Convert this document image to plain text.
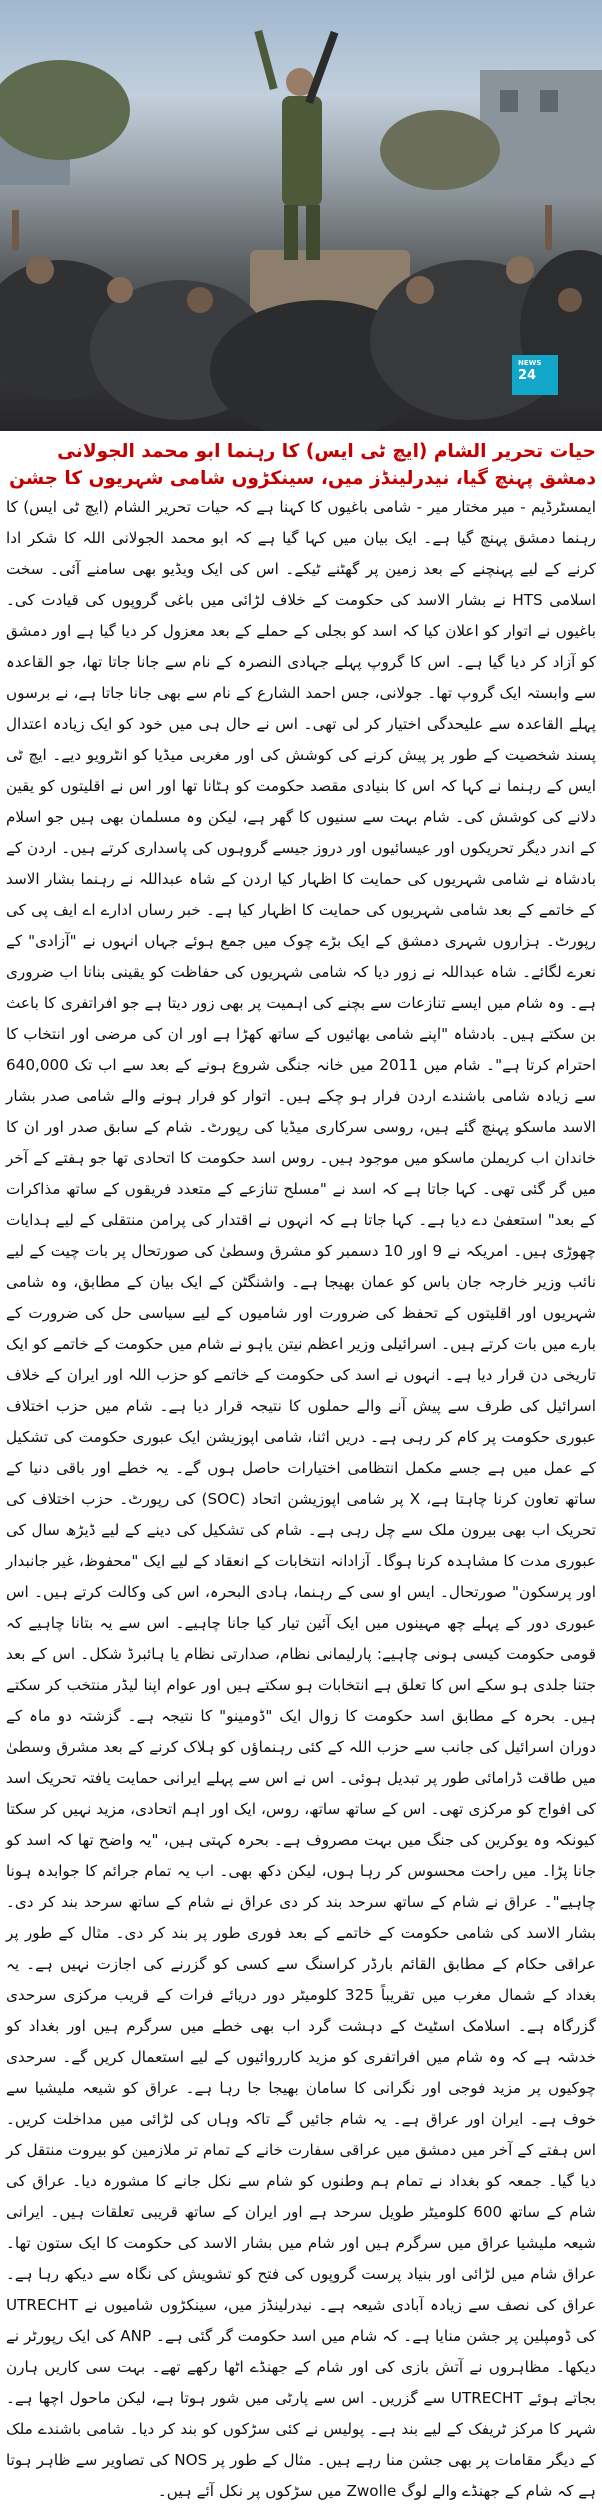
NEWS
24
حیات تحریر الشام (ایچ ٹی ایس) کا رہنما ابو محمد الجولانی دمشق پہنچ گیا، نیدرلینڈز میں، سینکڑوں شامی شہریوں کا جشن

ایمسٹرڈیم - میر مختار میر - شامی باغیوں کا کہنا ہے کہ حیات تحریر الشام (ایچ ٹی ایس) کا رہنما دمشق پہنچ گیا ہے۔ ایک بیان میں کہا گیا ہے کہ ابو محمد الجولانی اللہ کا شکر ادا کرنے کے لیے پہنچنے کے بعد زمین پر گھٹنے ٹیکے۔ اس کی ایک ویڈیو بھی سامنے آئی۔ سخت اسلامی HTS نے بشار الاسد کی حکومت کے خلاف لڑائی میں باغی گروپوں کی قیادت کی۔ باغیوں نے اتوار کو اعلان کیا کہ اسد کو بجلی کے حملے کے بعد معزول کر دیا گیا ہے اور دمشق کو آزاد کر دیا گیا ہے۔ اس کا گروپ پہلے جہادی النصرہ کے نام سے جانا جاتا تھا، جو القاعدہ سے وابستہ ایک گروپ تھا۔ جولانی، جس احمد الشارع کے نام سے بھی جانا جاتا ہے، نے برسوں پہلے القاعدہ سے علیحدگی اختیار کر لی تھی۔ اس نے حال ہی میں خود کو ایک زیادہ اعتدال پسند شخصیت کے طور پر پیش کرنے کی کوشش کی اور مغربی میڈیا کو انٹرویو دیے۔ ایچ ٹی ایس کے رہنما نے کہا کہ اس کا بنیادی مقصد حکومت کو ہٹانا تھا اور اس نے اقلیتوں کو یقین دلانے کی کوشش کی۔ شام بہت سے سنیوں کا گھر ہے، لیکن وہ مسلمان بھی ہیں جو اسلام کے اندر دیگر تحریکوں اور عیسائیوں اور دروز جیسے گروہوں کی پاسداری کرتے ہیں۔ اردن کے بادشاہ نے شامی شہریوں کی حمایت کا اظہار کیا اردن کے شاہ عبداللہ نے رہنما بشار الاسد کے خاتمے کے بعد شامی شہریوں کی حمایت کا اظہار کیا ہے۔ خبر رساں ادارے اے ایف پی کی رپورٹ۔ ہزاروں شہری دمشق کے ایک بڑے چوک میں جمع ہوئے جہاں انہوں نے "آزادی" کے نعرے لگائے۔ شاہ عبداللہ نے زور دیا کہ شامی شہریوں کی حفاظت کو یقینی بنانا اب ضروری ہے۔ وہ شام میں ایسے تنازعات سے بچنے کی اہمیت پر بھی زور دیتا ہے جو افراتفری کا باعث بن سکتے ہیں۔ بادشاہ "اپنے شامی بھائیوں کے ساتھ کھڑا ہے اور ان کی مرضی اور انتخاب کا احترام کرتا ہے"۔ شام میں 2011 میں خانہ جنگی شروع ہونے کے بعد سے اب تک 640,000 سے زیادہ شامی باشندے اردن فرار ہو چکے ہیں۔ اتوار کو فرار ہونے والے شامی صدر بشار الاسد ماسکو پہنچ گئے ہیں، روسی سرکاری میڈیا کی رپورٹ۔ شام کے سابق صدر اور ان کا خاندان اب کریملن ماسکو میں موجود ہیں۔ روس اسد حکومت کا اتحادی تھا جو ہفتے کے آخر میں گر گئی تھی۔ کہا جاتا ہے کہ اسد نے "مسلح تنازعے کے متعدد فریقوں کے ساتھ مذاکرات کے بعد" استعفیٰ دے دیا ہے۔ کہا جاتا ہے کہ انہوں نے اقتدار کی پرامن منتقلی کے لیے ہدایات چھوڑی ہیں۔ امریکہ نے 9 اور 10 دسمبر کو مشرق وسطیٰ کی صورتحال پر بات چیت کے لیے نائب وزیر خارجہ جان باس کو عمان بھیجا ہے۔ واشنگٹن کے ایک بیان کے مطابق، وہ شامی شہریوں اور اقلیتوں کے تحفظ کی ضرورت اور شامیوں کے لیے سیاسی حل کی ضرورت کے بارے میں بات کرتے ہیں۔ اسرائیلی وزیر اعظم نیتن یاہو نے شام میں حکومت کے خاتمے کو ایک تاریخی دن قرار دیا ہے۔ انہوں نے اسد کی حکومت کے خاتمے کو حزب اللہ اور ایران کے خلاف اسرائیل کی طرف سے پیش آنے والے حملوں کا نتیجہ قرار دیا ہے۔ شام میں حزب اختلاف عبوری حکومت پر کام کر رہی ہے۔ دریں اثنا، شامی اپوزیشن ایک عبوری حکومت کی تشکیل کے عمل میں ہے جسے مکمل انتظامی اختیارات حاصل ہوں گے۔ یہ خطے اور باقی دنیا کے ساتھ تعاون کرنا چاہتا ہے، X پر شامی اپوزیشن اتحاد (SOC) کی رپورٹ۔ حزب اختلاف کی تحریک اب بھی بیرون ملک سے چل رہی ہے۔ شام کی تشکیل کی دینے کے لیے ڈیڑھ سال کی عبوری مدت کا مشاہدہ کرنا ہوگا۔ آزادانہ انتخابات کے انعقاد کے لیے ایک "محفوظ، غیر جانبدار اور پرسکون" صورتحال۔ ایس او سی کے رہنما، ہادی البحرہ، اس کی وکالت کرتے ہیں۔ اس عبوری دور کے پہلے چھ مہینوں میں ایک آئین تیار کیا جانا چاہیے۔ اس سے یہ بتانا چاہیے کہ قومی حکومت کیسی ہونی چاہیے: پارلیمانی نظام، صدارتی نظام یا ہائبرڈ شکل۔ اس کے بعد جتنا جلدی ہو سکے اس کا تعلق ہے انتخابات ہو سکتے ہیں اور عوام اپنا لیڈر منتخب کر سکتے ہیں۔ بحرہ کے مطابق اسد حکومت کا زوال ایک "ڈومینو" کا نتیجہ ہے۔ گزشتہ دو ماہ کے دوران اسرائیل کی جانب سے حزب اللہ کے کئی رہنماؤں کو ہلاک کرنے کے بعد مشرق وسطیٰ میں طاقت ڈرامائی طور پر تبدیل ہوئی۔ اس نے اس سے پہلے ایرانی حمایت یافتہ تحریک اسد کی افواج کو مرکزی تھی۔ اس کے ساتھ ساتھ، روس، ایک اور اہم اتحادی، مزید نہیں کر سکتا کیونکہ وہ یوکرین کی جنگ میں بہت مصروف ہے۔ بحرہ کہتی ہیں، "یہ واضح تھا کہ اسد کو جانا پڑا۔ میں راحت محسوس کر رہا ہوں، لیکن دکھ بھی۔ اب یہ تمام جرائم کا جوابدہ ہونا چاہیے"۔ عراق نے شام کے ساتھ سرحد بند کر دی عراق نے شام کے ساتھ سرحد بند کر دی۔ بشار الاسد کی شامی حکومت کے خاتمے کے بعد فوری طور پر بند کر دی۔ مثال کے طور پر عراقی حکام کے مطابق القائم بارڈر کراسنگ سے کسی کو گزرنے کی اجازت نہیں ہے۔ یہ بغداد کے شمال مغرب میں تقریباً 325 کلومیٹر دور دریائے فرات کے قریب مرکزی سرحدی گزرگاہ ہے۔ اسلامک اسٹیٹ کے دہشت گرد اب بھی خطے میں سرگرم ہیں اور بغداد کو خدشہ ہے کہ وہ شام میں افراتفری کو مزید کارروائیوں کے لیے استعمال کریں گے۔ سرحدی چوکیوں پر مزید فوجی اور نگرانی کا سامان بھیجا جا رہا ہے۔ عراق کو شیعہ ملیشیا سے خوف ہے۔ ایران اور عراق ہے۔ یہ شام جائیں گے تاکہ وہاں کی لڑائی میں مداخلت کریں۔ اس ہفتے کے آخر میں دمشق میں عراقی سفارت خانے کے تمام تر ملازمین کو بیروت منتقل کر دیا گیا۔ جمعہ کو بغداد نے تمام ہم وطنوں کو شام سے نکل جانے کا مشورہ دیا۔ عراق کی شام کے ساتھ 600 کلومیٹر طویل سرحد ہے اور ایران کے ساتھ قریبی تعلقات ہیں۔ ایرانی شیعہ ملیشیا عراق میں سرگرم ہیں اور شام میں بشار الاسد کی حکومت کا ایک ستون تھا۔ عراق شام میں لڑائی اور بنیاد پرست گروپوں کی فتح کو تشویش کی نگاہ سے دیکھ رہا ہے۔ عراق کی نصف سے زیادہ آبادی شیعہ ہے۔ نیدرلینڈز میں، سینکڑوں شامیوں نے UTRECHT کی ڈومپلین پر جشن منایا ہے۔ کہ شام میں اسد حکومت گر گئی ہے۔ ANP کی ایک رپورٹر نے دیکھا۔ مظاہروں نے آتش بازی کی اور شام کے جھنڈے اٹھا رکھے تھے۔ بہت سی کاریں ہارن بجاتے ہوئے UTRECHT سے گزریں۔ اس سے پارٹی میں شور ہوتا ہے، لیکن ماحول اچھا ہے۔ شہر کا مرکز ٹریفک کے لیے بند ہے۔ پولیس نے کئی سڑکوں کو بند کر دیا۔ شامی باشندے ملک کے دیگر مقامات پر بھی جشن منا رہے ہیں۔ مثال کے طور پر NOS کی تصاویر سے ظاہر ہوتا ہے کہ شام کے جھنڈے والے لوگ Zwolle میں سڑکوں پر نکل آئے ہیں۔
